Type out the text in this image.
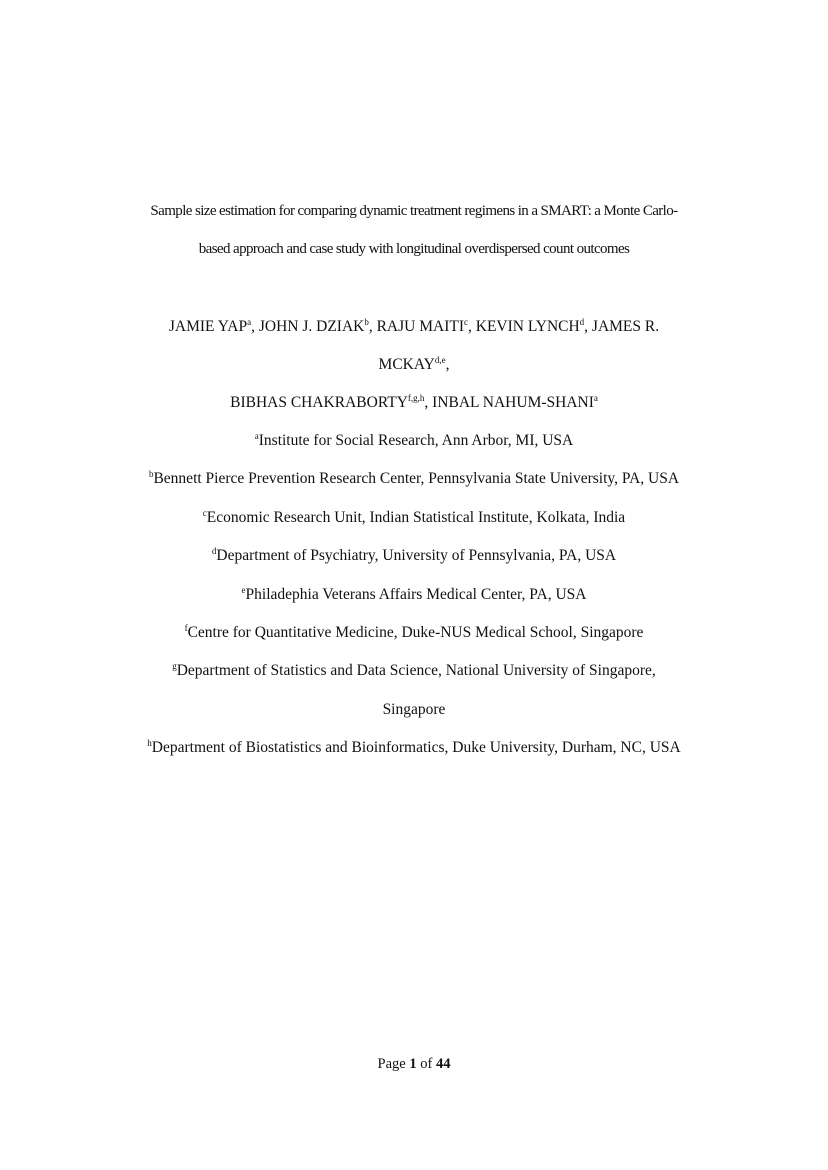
Sample size estimation for comparing dynamic treatment regimens in a SMART: a Monte Carlo-
based approach and case study with longitudinal overdispersed count outcomes
JAMIE YAP$^a$, JOHN J. DZIAK$^b$, RAJU MAITI$^c$, KEVIN LYNCH$^d$, JAMES R.
MCKAY$^{d,e}$,
BIBHAS CHAKRABORTY$^{f,g,h}$, INBAL NAHUM-SHANI$^a$
$^a$Institute for Social Research, Ann Arbor, MI, USA
$^b$Bennett Pierce Prevention Research Center, Pennsylvania State University, PA, USA
$^c$Economic Research Unit, Indian Statistical Institute, Kolkata, India
$^d$Department of Psychiatry, University of Pennsylvania, PA, USA
$^e$Philadephia Veterans Affairs Medical Center, PA, USA
$^f$Centre for Quantitative Medicine, Duke-NUS Medical School, Singapore
$^g$Department of Statistics and Data Science, National University of Singapore,
Singapore
$^h$Department of Biostatistics and Bioinformatics, Duke University, Durham, NC, USA
Page 1 of 44
